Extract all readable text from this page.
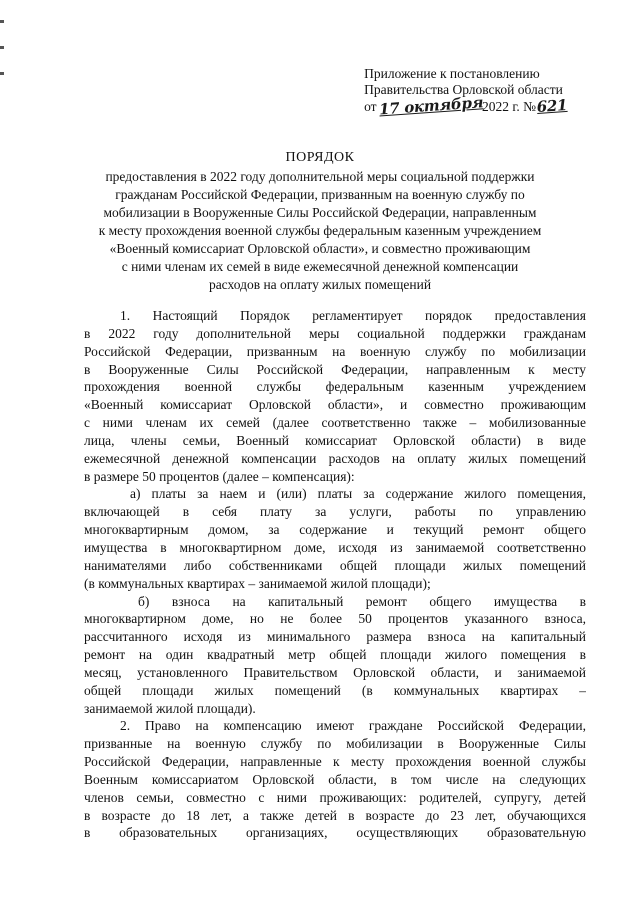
Приложение к постановлению
Правительства Орловской области
от17 октября 2022 г. №621
ПОРЯДОК
предоставления в 2022 году дополнительной меры социальной поддержки
гражданам Российской Федерации, призванным на военную службу по
мобилизации в Вооруженные Силы Российской Федерации, направленным
к месту прохождения военной службы федеральным казенным учреждением
«Военный комиссариат Орловской области», и совместно проживающим
с ними членам их семей в виде ежемесячной денежной компенсации
расходов на оплату жилых помещений
1. Настоящий Порядок регламентирует порядок предоставления
в 2022 году дополнительной меры социальной поддержки гражданам
Российской Федерации, призванным на военную службу по мобилизации
в Вооруженные Силы Российской Федерации, направленным к месту
прохождения военной службы федеральным казенным учреждением
«Военный комиссариат Орловской области», и совместно проживающим
с ними членам их семей (далее соответственно также – мобилизованные
лица, члены семьи, Военный комиссариат Орловской области) в виде
ежемесячной денежной компенсации расходов на оплату жилых помещений
в размере 50 процентов (далее – компенсация):
а) платы за наем и (или) платы за содержание жилого помещения,
включающей в себя плату за услуги, работы по управлению
многоквартирным домом, за содержание и текущий ремонт общего
имущества в многоквартирном доме, исходя из занимаемой соответственно
нанимателями либо собственниками общей площади жилых помещений
(в коммунальных квартирах – занимаемой жилой площади);
б) взноса на капитальный ремонт общего имущества в
многоквартирном доме, но не более 50 процентов указанного взноса,
рассчитанного исходя из минимального размера взноса на капитальный
ремонт на один квадратный метр общей площади жилого помещения в
месяц, установленного Правительством Орловской области, и занимаемой
общей площади жилых помещений (в коммунальных квартирах –
занимаемой жилой площади).
2. Право на компенсацию имеют граждане Российской Федерации,
призванные на военную службу по мобилизации в Вооруженные Силы
Российской Федерации, направленные к месту прохождения военной службы
Военным комиссариатом Орловской области, в том числе на следующих
членов семьи, совместно с ними проживающих: родителей, супругу, детей
в возрасте до 18 лет, а также детей в возрасте до 23 лет, обучающихся
в образовательных организациях, осуществляющих образовательную
